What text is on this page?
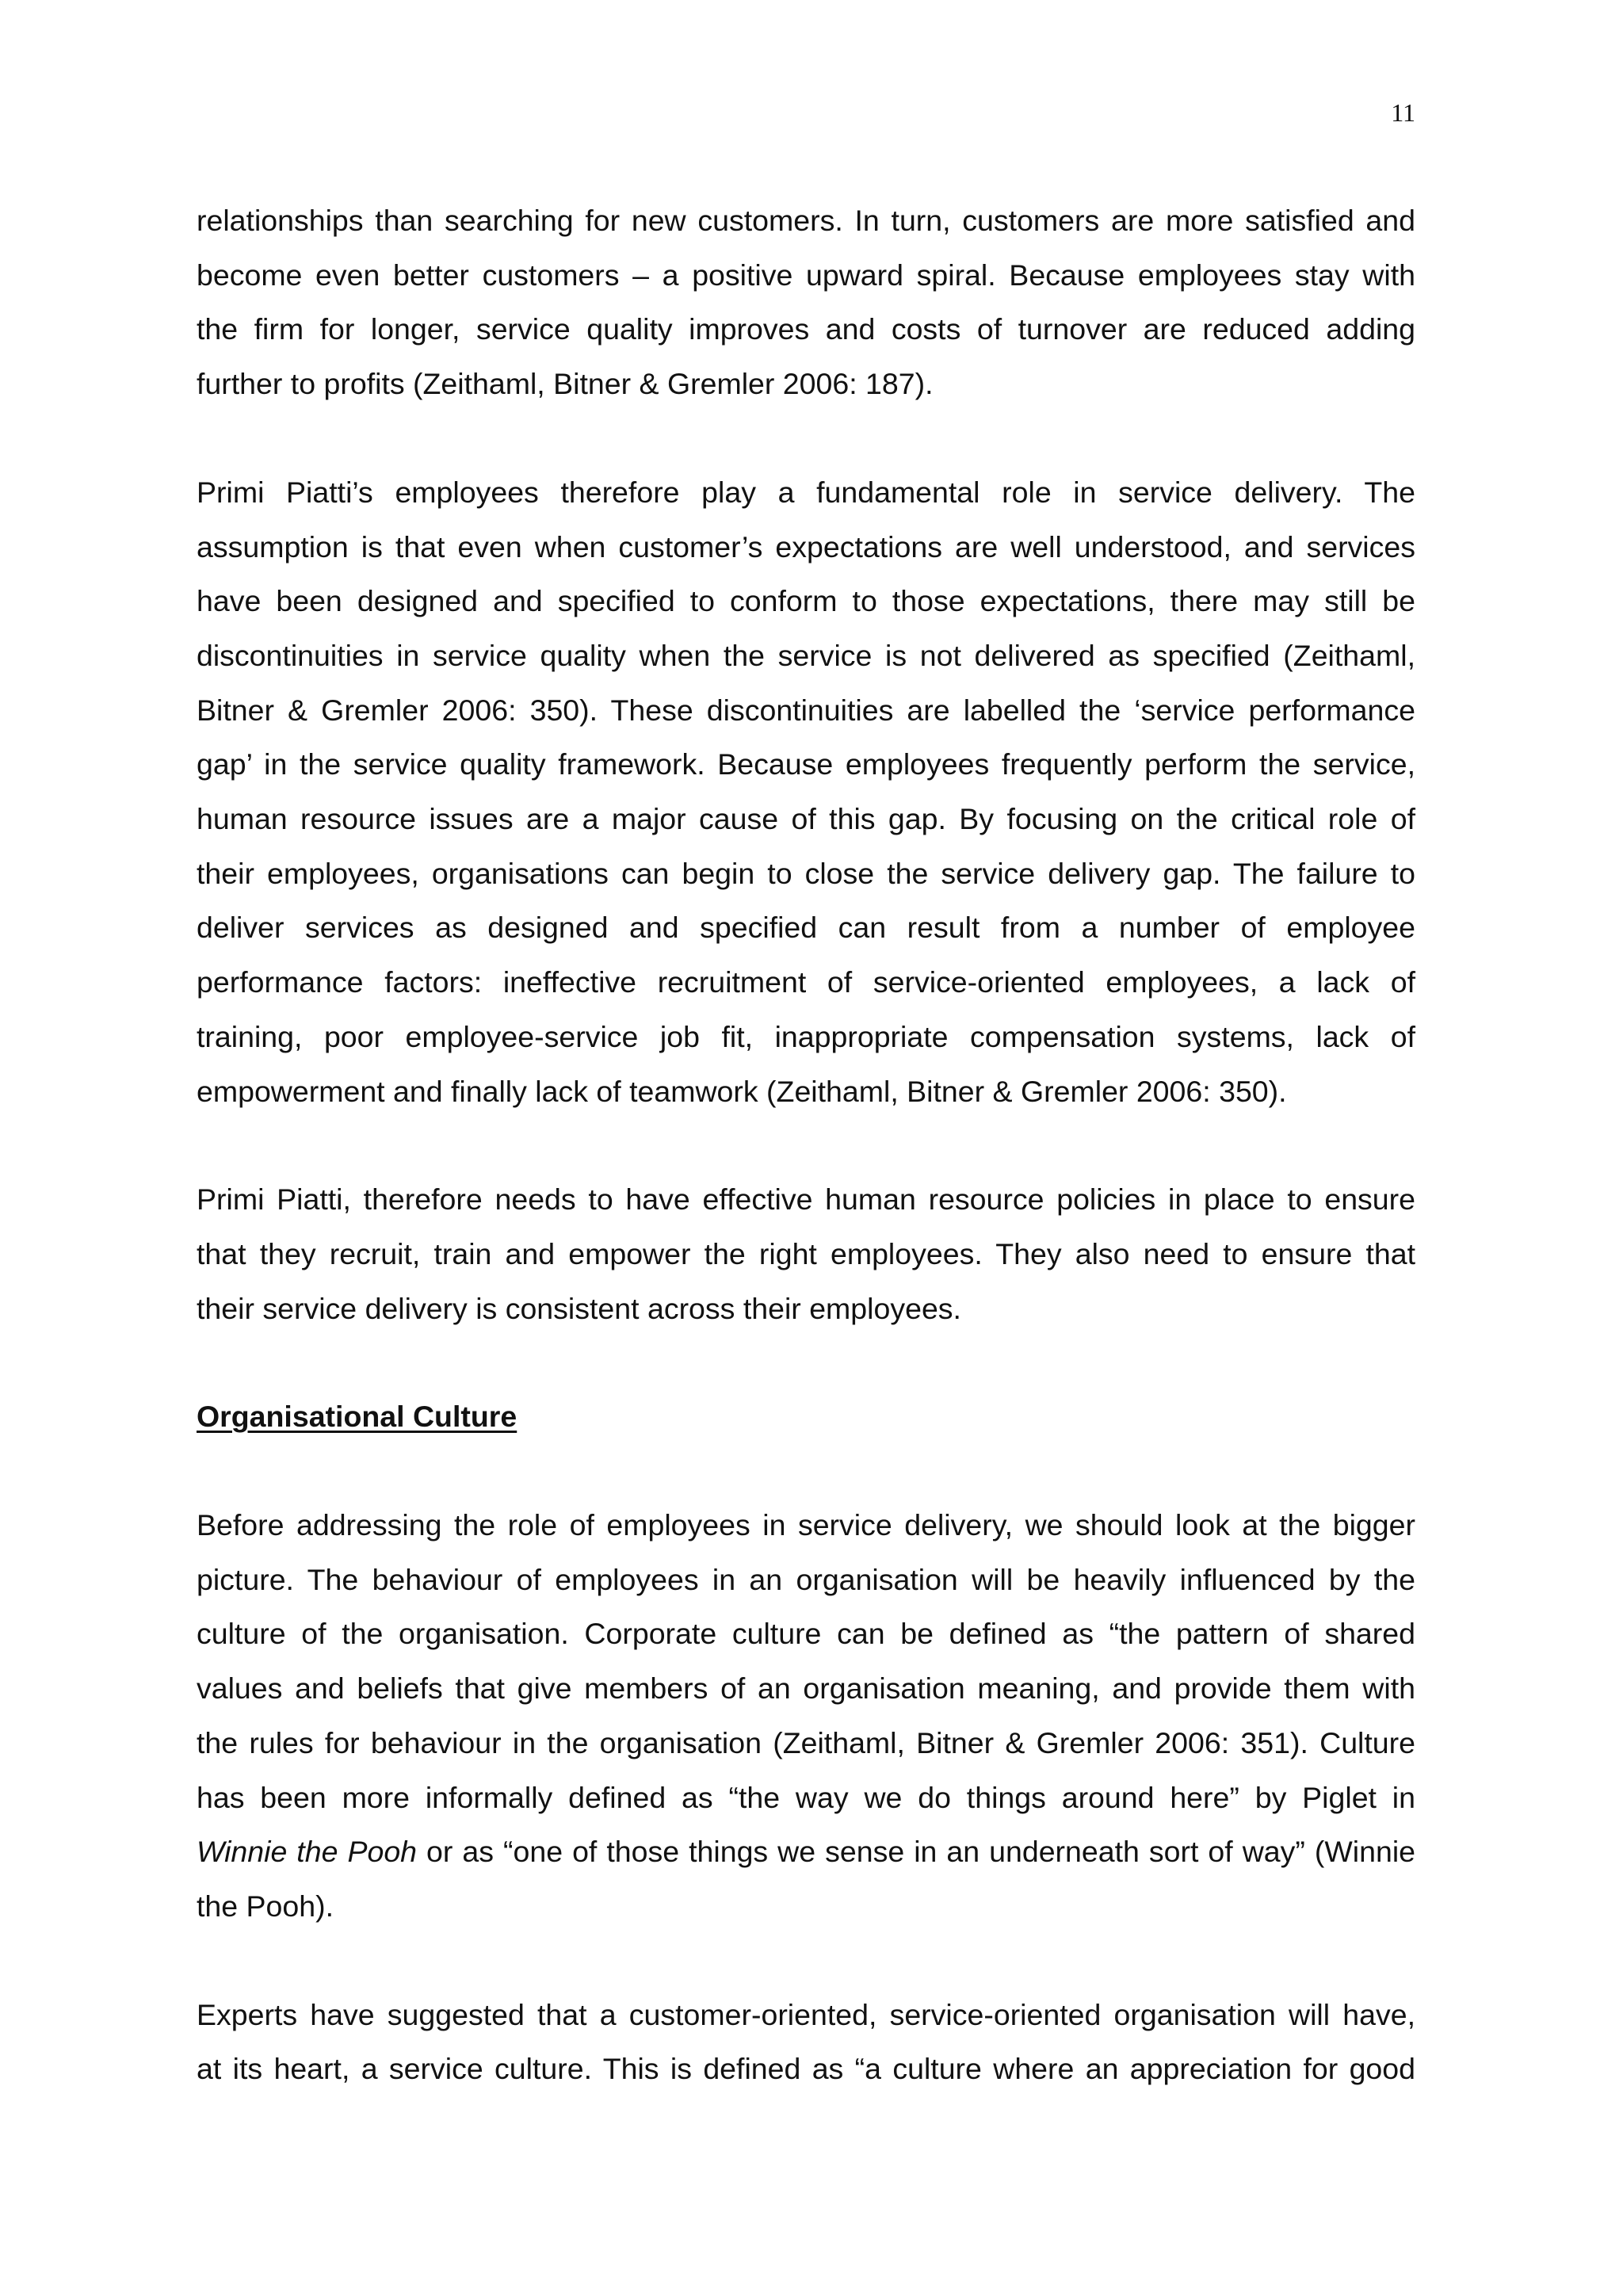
11

relationships than searching for new customers. In turn, customers are more satisfied and
become even better customers – a positive upward spiral. Because employees stay with
the firm for longer, service quality improves and costs of turnover are reduced adding
further to profits (Zeithaml, Bitner & Gremler 2006: 187).

Primi Piatti’s employees therefore play a fundamental role in service delivery. The
assumption is that even when customer’s expectations are well understood, and services
have been designed and specified to conform to those expectations, there may still be
discontinuities in service quality when the service is not delivered as specified (Zeithaml,
Bitner & Gremler 2006: 350). These discontinuities are labelled the ‘service performance
gap’ in the service quality framework. Because employees frequently perform the service,
human resource issues are a major cause of this gap. By focusing on the critical role of
their employees, organisations can begin to close the service delivery gap. The failure to
deliver services as designed and specified can result from a number of employee
performance factors: ineffective recruitment of service-oriented employees, a lack of
training, poor employee-service job fit, inappropriate compensation systems, lack of
empowerment and finally lack of teamwork (Zeithaml, Bitner & Gremler 2006: 350).

Primi Piatti, therefore needs to have effective human resource policies in place to ensure
that they recruit, train and empower the right employees. They also need to ensure that
their service delivery is consistent across their employees.

Organisational Culture

Before addressing the role of employees in service delivery, we should look at the bigger
picture. The behaviour of employees in an organisation will be heavily influenced by the
culture of the organisation. Corporate culture can be defined as “the pattern of shared
values and beliefs that give members of an organisation meaning, and provide them with
the rules for behaviour in the organisation (Zeithaml, Bitner & Gremler 2006: 351). Culture
has been more informally defined as “the way we do things around here” by Piglet in
Winnie the Pooh or as “one of those things we sense in an underneath sort of way” (Winnie
the Pooh).

Experts have suggested that a customer-oriented, service-oriented organisation will have,
at its heart, a service culture. This is defined as “a culture where an appreciation for good
